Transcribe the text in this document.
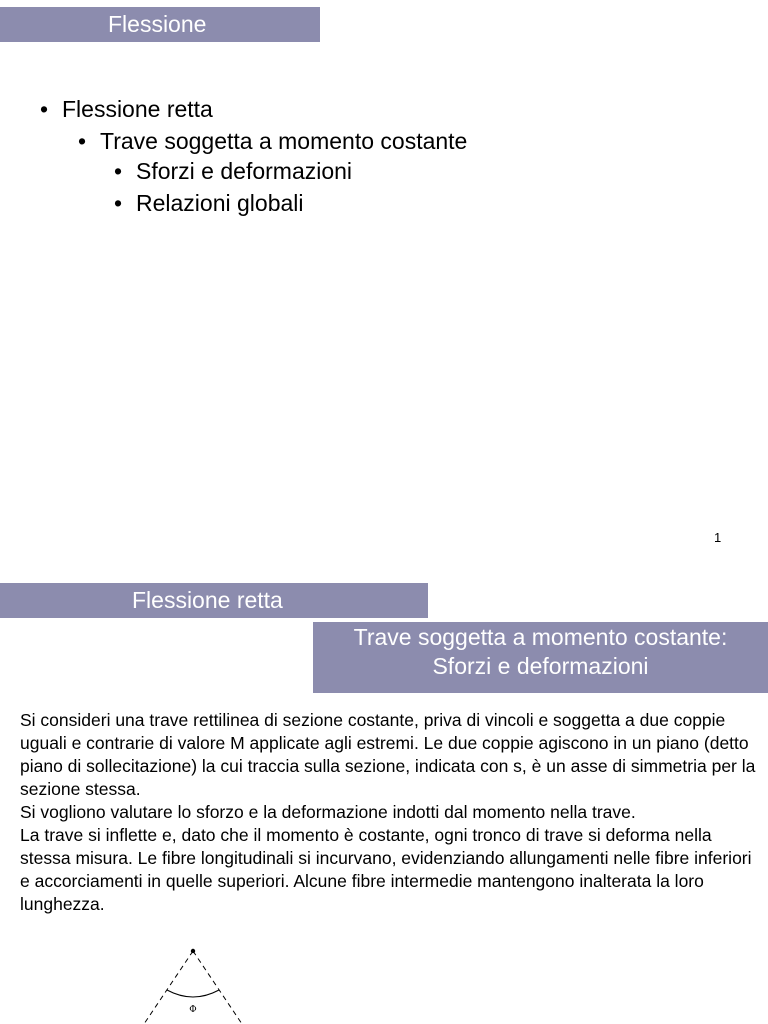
Flessione
• Flessione retta
• Trave soggetta a momento costante
• Sforzi e deformazioni
• Relazioni globali
1
Flessione retta
Trave soggetta a momento costante:
Sforzi e deformazioni

Si consideri una trave rettilinea di sezione costante, priva di vincoli e soggetta a due coppie uguali e contrarie di valore M applicate agli estremi. Le due coppie agiscono in un piano (detto piano di sollecitazione) la cui traccia sulla sezione, indicata con s, è un asse di simmetria per la sezione stessa.

Si vogliono valutare lo sforzo e la deformazione indotti dal momento nella trave.

La trave si inflette e, dato che il momento è costante, ogni tronco di trave si deforma nella stessa misura. Le fibre longitudinali si incurvano, evidenziando allungamenti nelle fibre inferiori e accorciamenti in quelle superiori. Alcune fibre intermedie mantengono inalterata la loro lunghezza.

Φ
